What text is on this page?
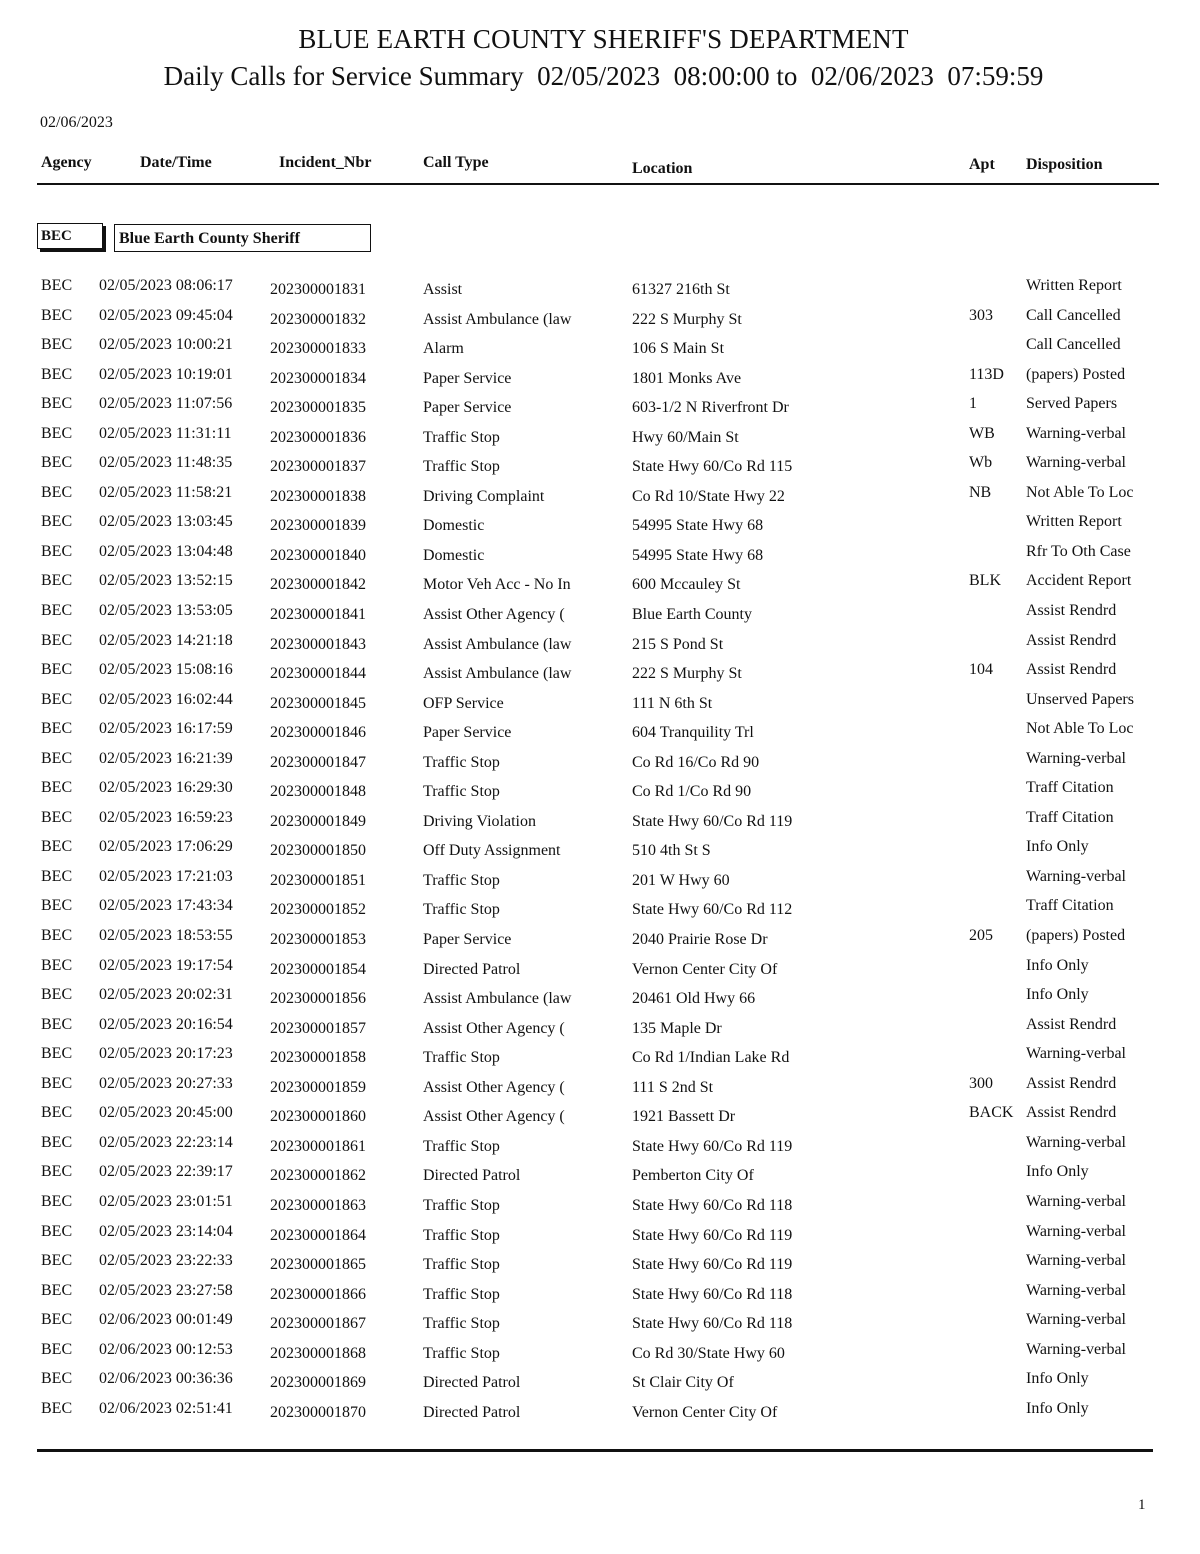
BLUE EARTH COUNTY SHERIFF'S DEPARTMENT
Daily Calls for Service Summary  02/05/2023  08:00:00 to  02/06/2023  07:59:59
02/06/2023
Agency	Date/Time	Incident_Nbr	Call Type	Location	Apt Disposition
BEC	Blue Earth County Sheriff
BEC 02/05/2023 08:06:17 202300001831	Assist	61327 216th St	Written Report
BEC 02/05/2023 09:45:04 202300001832	Assist Ambulance (law	222 S Murphy St	303 Call Cancelled
BEC 02/05/2023 10:00:21 202300001833	Alarm	106 S Main St	Call Cancelled
BEC 02/05/2023 10:19:01 202300001834	Paper Service	1801 Monks Ave	113D (papers) Posted
BEC 02/05/2023 11:07:56 202300001835	Paper Service	603-1/2 N Riverfront Dr	1	Served Papers
BEC 02/05/2023 11:31:11 202300001836	Traffic Stop	Hwy 60/Main St	WB Warning-verbal
BEC 02/05/2023 11:48:35 202300001837	Traffic Stop	State Hwy 60/Co Rd 115	Wb Warning-verbal
BEC 02/05/2023 11:58:21 202300001838	Driving Complaint	Co Rd 10/State Hwy 22	NB Not Able To Loc
BEC 02/05/2023 13:03:45 202300001839	Domestic	54995 State Hwy 68	Written Report
BEC 02/05/2023 13:04:48 202300001840	Domestic	54995 State Hwy 68	Rfr To Oth Case
BEC 02/05/2023 13:52:15 202300001842	Motor Veh Acc - No In	600 Mccauley St	BLK Accident Report
BEC 02/05/2023 13:53:05 202300001841	Assist Other Agency (	Blue Earth County	Assist Rendrd
BEC 02/05/2023 14:21:18 202300001843	Assist Ambulance (law	215 S Pond St	Assist Rendrd
BEC 02/05/2023 15:08:16 202300001844	Assist Ambulance (law	222 S Murphy St	104 Assist Rendrd
BEC 02/05/2023 16:02:44 202300001845	OFP Service	111 N 6th St	Unserved Papers
BEC 02/05/2023 16:17:59 202300001846	Paper Service	604 Tranquility Trl	Not Able To Loc
BEC 02/05/2023 16:21:39 202300001847	Traffic Stop	Co Rd 16/Co Rd 90	Warning-verbal
BEC 02/05/2023 16:29:30 202300001848	Traffic Stop	Co Rd 1/Co Rd 90	Traff Citation
BEC 02/05/2023 16:59:23 202300001849	Driving Violation	State Hwy 60/Co Rd 119	Traff Citation
BEC 02/05/2023 17:06:29 202300001850	Off Duty Assignment	510 4th St S	Info Only
BEC 02/05/2023 17:21:03 202300001851	Traffic Stop	201 W Hwy 60	Warning-verbal
BEC 02/05/2023 17:43:34 202300001852	Traffic Stop	State Hwy 60/Co Rd 112	Traff Citation
BEC 02/05/2023 18:53:55 202300001853	Paper Service	2040 Prairie Rose Dr	205 (papers) Posted
BEC 02/05/2023 19:17:54 202300001854	Directed Patrol	Vernon Center City Of	Info Only
BEC 02/05/2023 20:02:31 202300001856	Assist Ambulance (law	20461 Old Hwy 66	Info Only
BEC 02/05/2023 20:16:54 202300001857	Assist Other Agency (	135 Maple Dr	Assist Rendrd
BEC 02/05/2023 20:17:23 202300001858	Traffic Stop	Co Rd 1/Indian Lake Rd	Warning-verbal
BEC 02/05/2023 20:27:33 202300001859	Assist Other Agency (	111 S 2nd St	300 Assist Rendrd
BEC 02/05/2023 20:45:00 202300001860	Assist Other Agency (	1921 Bassett Dr	BACK Assist Rendrd
BEC 02/05/2023 22:23:14 202300001861	Traffic Stop	State Hwy 60/Co Rd 119	Warning-verbal
BEC 02/05/2023 22:39:17 202300001862	Directed Patrol	Pemberton City Of	Info Only
BEC 02/05/2023 23:01:51 202300001863	Traffic Stop	State Hwy 60/Co Rd 118	Warning-verbal
BEC 02/05/2023 23:14:04 202300001864	Traffic Stop	State Hwy 60/Co Rd 119	Warning-verbal
BEC 02/05/2023 23:22:33 202300001865	Traffic Stop	State Hwy 60/Co Rd 119	Warning-verbal
BEC 02/05/2023 23:27:58 202300001866	Traffic Stop	State Hwy 60/Co Rd 118	Warning-verbal
BEC 02/06/2023 00:01:49 202300001867	Traffic Stop	State Hwy 60/Co Rd 118	Warning-verbal
BEC 02/06/2023 00:12:53 202300001868	Traffic Stop	Co Rd 30/State Hwy 60	Warning-verbal
BEC 02/06/2023 00:36:36 202300001869	Directed Patrol	St Clair City Of	Info Only
BEC 02/06/2023 02:51:41 202300001870	Directed Patrol	Vernon Center City Of	Info Only
1
